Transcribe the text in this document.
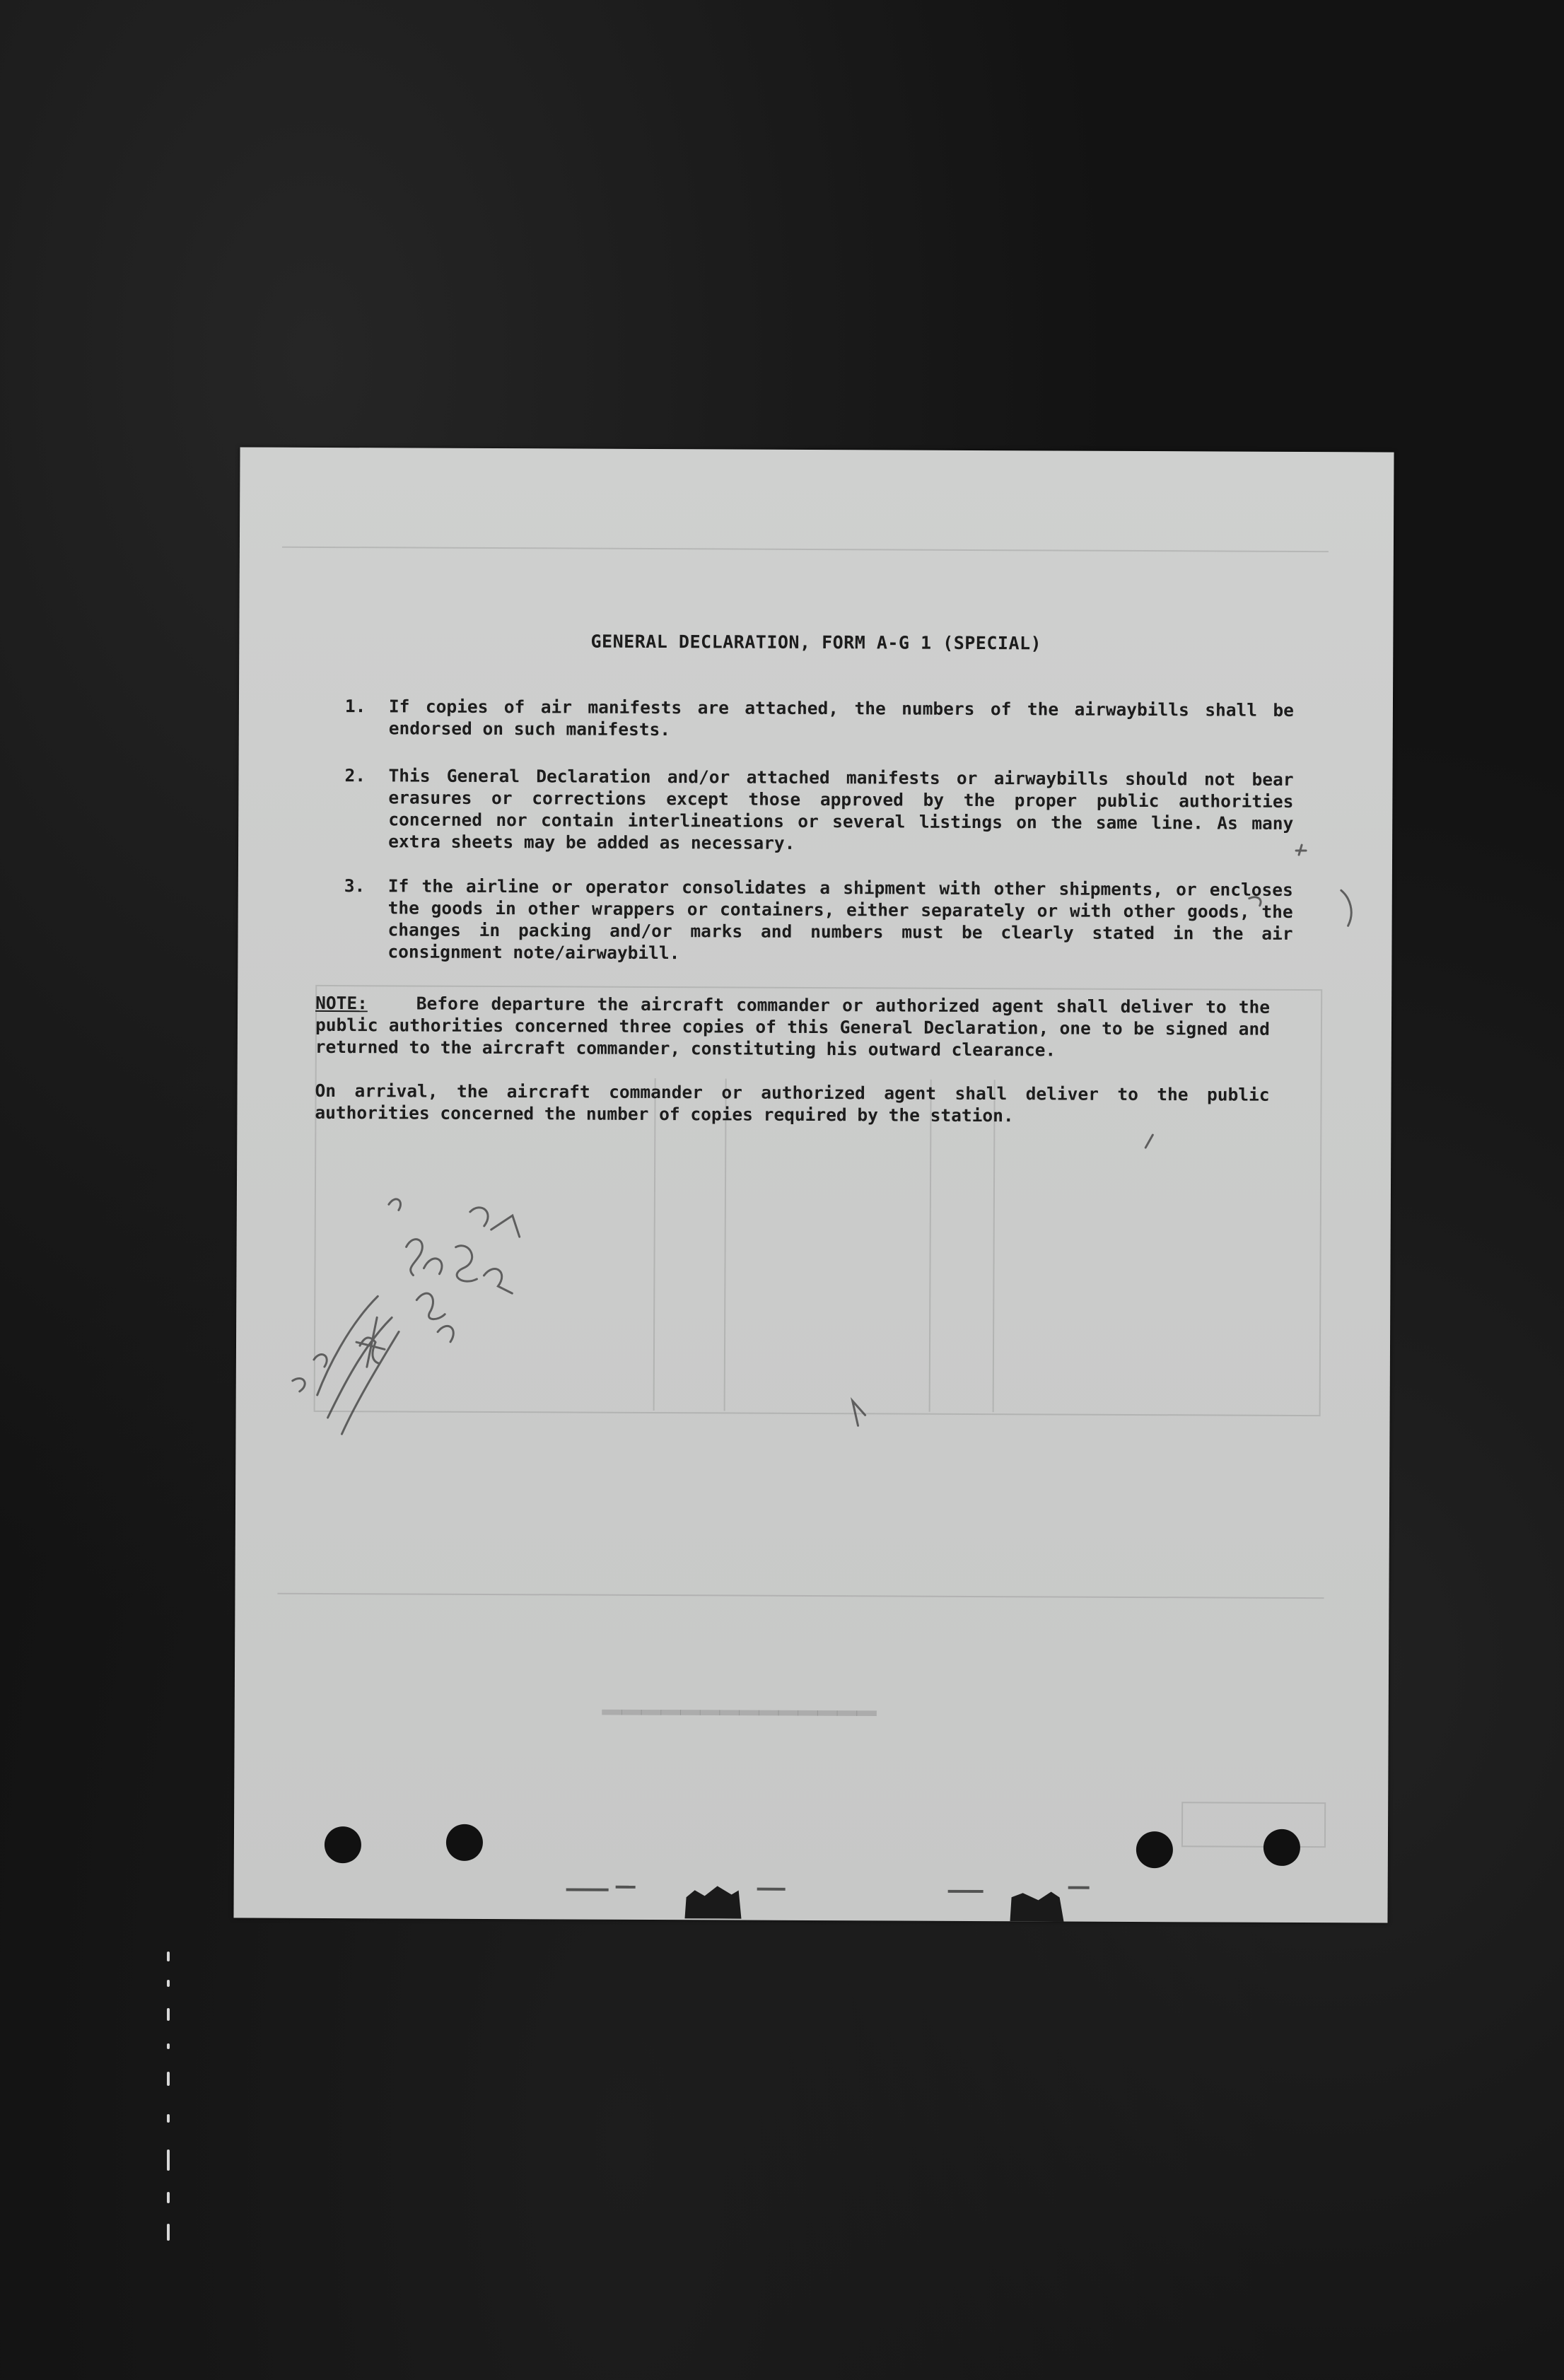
━━━━━━━━━━━━━━
GENERAL DECLARATION, FORM A-G 1 (SPECIAL)
1. If copies of air manifests are attached, the numbers of the airwaybills shall be endorsed on such manifests.
2. This General Declaration and/or attached manifests or airwaybills should not bear erasures or corrections except those approved by the proper public authorities concerned nor contain interlineations or several listings on the same line. As many extra sheets may be added as necessary.
3. If the airline or operator consolidates a shipment with other shipments, or encloses the goods in other wrappers or containers, either separately or with other goods, the changes in packing and/or marks and numbers must be clearly stated in the air consignment note/airwaybill.
NOTE:	Before departure the aircraft commander or authorized agent shall deliver to the public authorities concerned three copies of this General Declaration, one to be signed and returned to the aircraft commander, constituting his outward clearance.
On arrival, the aircraft commander or authorized agent shall deliver to the public authorities concerned the number of copies required by the station.
